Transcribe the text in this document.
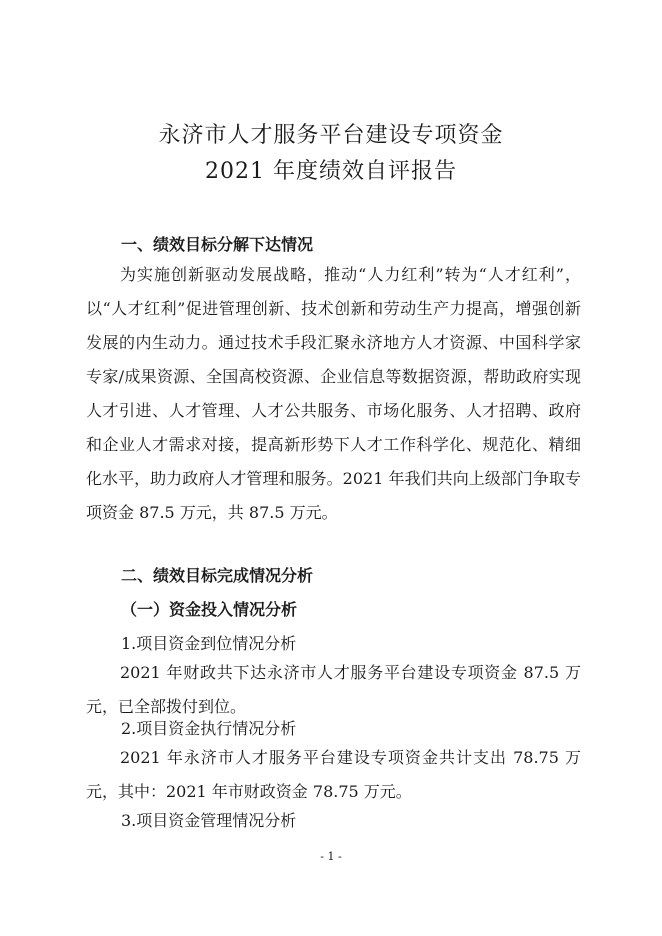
永济市人才服务平台建设专项资金
2021 年度绩效自评报告
一、绩效目标分解下达情况

为实施创新驱动发展战略，推动“人力红利”转为“人才红利”，以“人才红利”促进管理创新、技术创新和劳动生产力提高，增强创新发展的内生动力。通过技术手段汇聚永济地方人才资源、中国科学家专家/成果资源、全国高校资源、企业信息等数据资源，帮助政府实现人才引进、人才管理、人才公共服务、市场化服务、人才招聘、政府和企业人才需求对接，提高新形势下人才工作科学化、规范化、精细化水平，助力政府人才管理和服务。2021 年我们共向上级部门争取专项资金 87.5 万元，共 87.5 万元。

二、绩效目标完成情况分析
（一）资金投入情况分析
1.项目资金到位情况分析

2021 年财政共下达永济市人才服务平台建设专项资金 87.5 万元，已全部拨付到位。

2.项目资金执行情况分析

2021 年永济市人才服务平台建设专项资金共计支出 78.75 万元，其中：2021 年市财政资金 78.75 万元。

3.项目资金管理情况分析
- 1 -
